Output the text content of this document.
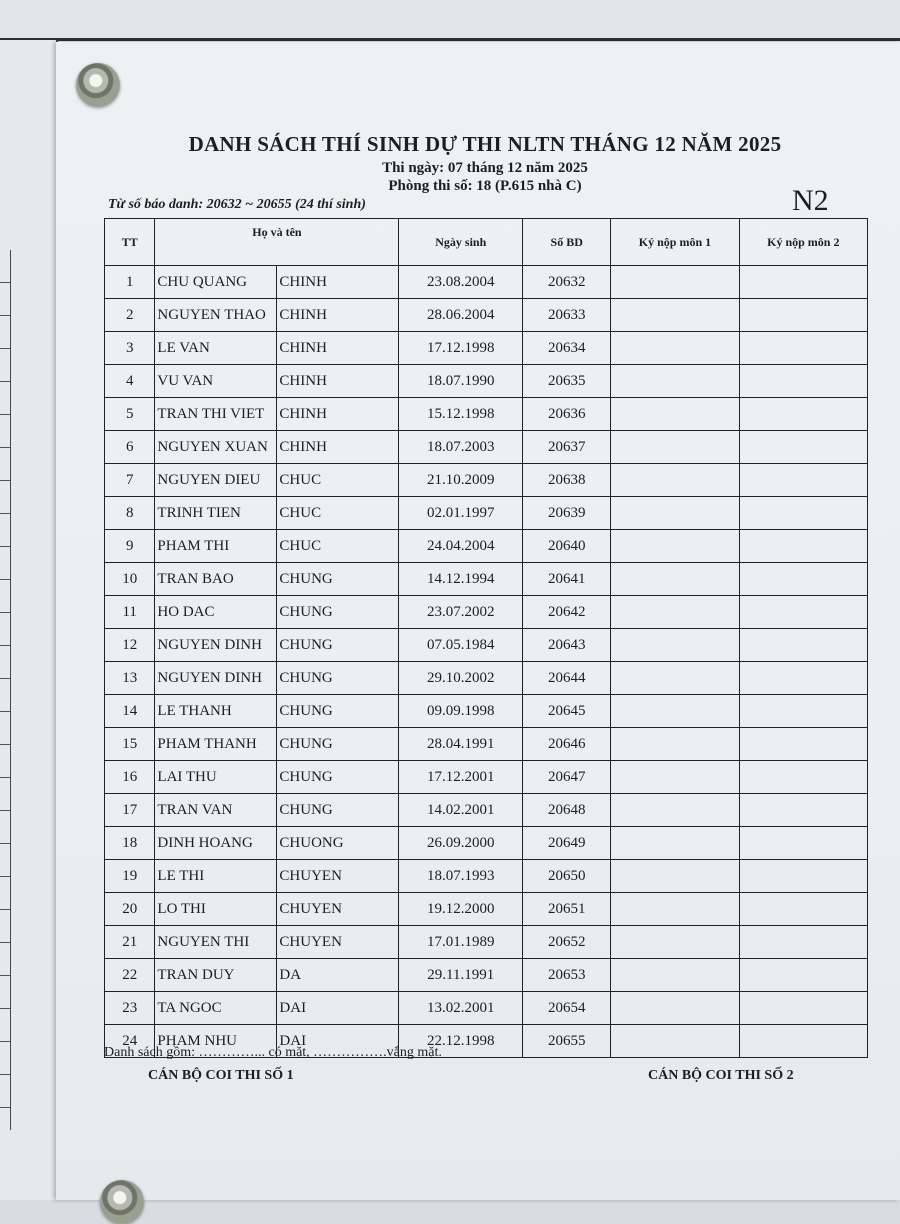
DANH SÁCH THÍ SINH DỰ THI NLTN THÁNG 12 NĂM 2025
Thi ngày: 07 tháng 12 năm 2025
Phòng thi số: 18 (P.615 nhà C)
Từ số báo danh: 20632 ~ 20655 (24 thí sinh)	N2
TT	Họ và tên		Ngày sinh	Số BD	Ký nộp môn 1	Ký nộp môn 2
1	CHU QUANG	CHINH	23.08.2004	20632		
2	NGUYEN THAO	CHINH	28.06.2004	20633		
3	LE VAN	CHINH	17.12.1998	20634		
4	VU VAN	CHINH	18.07.1990	20635		
5	TRAN THI VIET	CHINH	15.12.1998	20636		
6	NGUYEN XUAN	CHINH	18.07.2003	20637		
7	NGUYEN DIEU	CHUC	21.10.2009	20638		
8	TRINH TIEN	CHUC	02.01.1997	20639		
9	PHAM THI	CHUC	24.04.2004	20640		
10	TRAN BAO	CHUNG	14.12.1994	20641		
11	HO DAC	CHUNG	23.07.2002	20642		
12	NGUYEN DINH	CHUNG	07.05.1984	20643		
13	NGUYEN DINH	CHUNG	29.10.2002	20644		
14	LE THANH	CHUNG	09.09.1998	20645		
15	PHAM THANH	CHUNG	28.04.1991	20646		
16	LAI THU	CHUNG	17.12.2001	20647		
17	TRAN VAN	CHUNG	14.02.2001	20648		
18	DINH HOANG	CHUONG	26.09.2000	20649		
19	LE THI	CHUYEN	18.07.1993	20650		
20	LO THI	CHUYEN	19.12.2000	20651		
21	NGUYEN THI	CHUYEN	17.01.1989	20652		
22	TRAN DUY	DA	29.11.1991	20653		
23	TA NGOC	DAI	13.02.2001	20654		
24	PHAM NHU	DAI	22.12.1998	20655		
Danh sách gồm: …………... có mặt, …………….vắng mặt.
CÁN BỘ COI THI SỐ 1	CÁN BỘ COI THI SỐ 2
